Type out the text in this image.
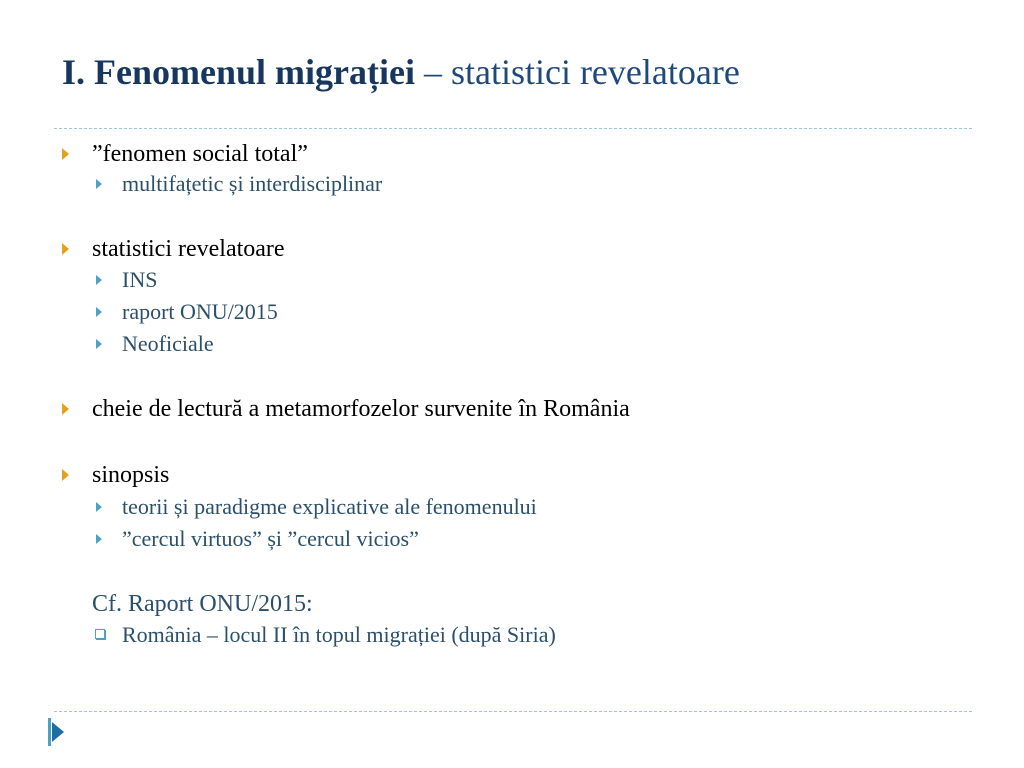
I. Fenomenul migrației – statistici revelatoare
”fenomen social total”
multifațetic și interdisciplinar
statistici revelatoare
INS
raport ONU/2015
Neoficiale
cheie de lectură a metamorfozelor survenite în România
sinopsis
teorii și paradigme explicative ale fenomenului
”cercul virtuos” și ”cercul vicios”
Cf. Raport ONU/2015:
România – locul II în topul migrației (după Siria)
